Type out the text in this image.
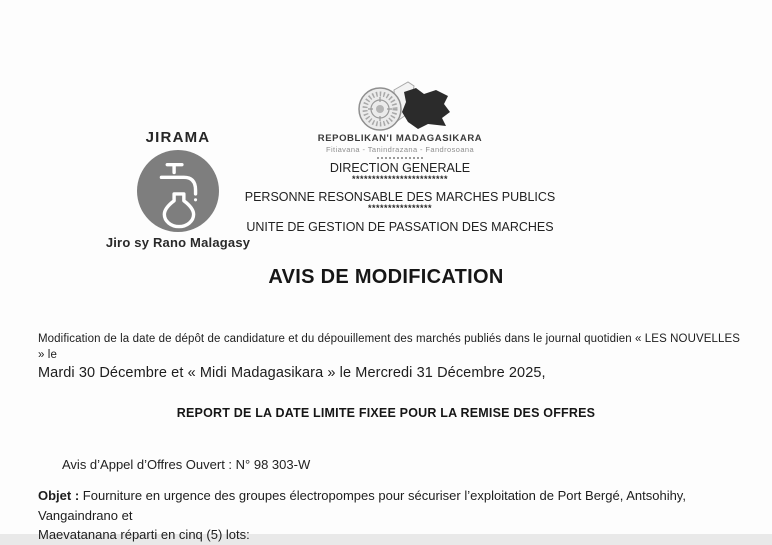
JIRAMA
Jiro sy Rano Malagasy
REPOBLIKAN'I MADAGASIKARA
Fitiavana - Tanindrazana - Fandrosoana
DIRECTION GENERALE
************************
PERSONNE RESONSABLE DES MARCHES PUBLICS
****************
UNITE DE GESTION DE PASSATION DES MARCHES
AVIS DE MODIFICATION

Modification de la date de dépôt de candidature et du dépouillement des marchés publiés dans le journal quotidien « LES NOUVELLES » le
Mardi 30 Décembre et « Midi Madagasikara » le Mercredi 31 Décembre 2025,

REPORT DE LA DATE LIMITE FIXEE POUR LA REMISE DES OFFRES
Avis d’Appel d’Offres Ouvert : N° 98 303-W

Objet : Fourniture en urgence des groupes électropompes pour sécuriser l’exploitation de Port Bergé, Antsohihy, Vangaindrano et
Maevatanana réparti en cinq (5) lots:
